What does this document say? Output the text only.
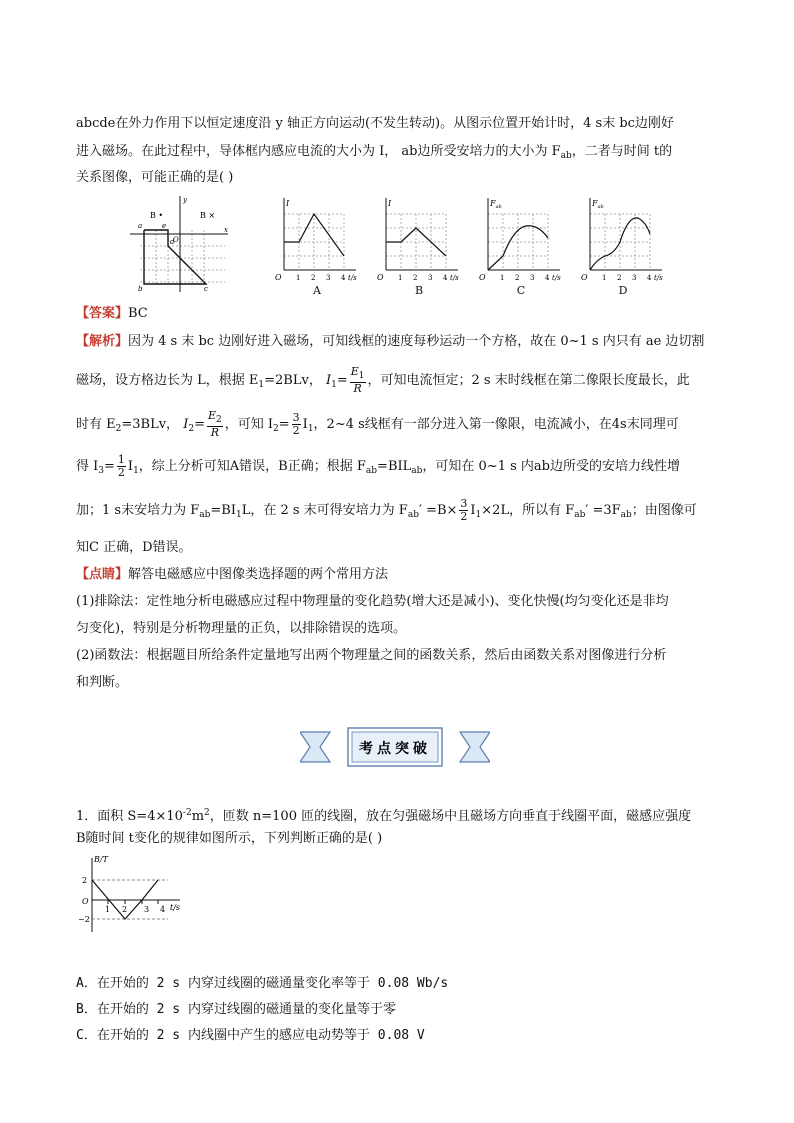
abcde在外力作用下以恒定速度沿 y 轴正方向运动(不发生转动)。从图示位置开始计时，4 s末 bc边刚好
进入磁场。在此过程中，导体框内感应电流的大小为 I， ab边所受安培力的大小为 $F_{ab}$，二者与时间 t的
关系图像，可能正确的是( )
B •	B ×
a
b	c
d
e
O
x
y	I
O 1 2 3 4 t/s
A
I
O 1 2 3 4 t/s
B
$F_{ab}$
O 1 2 3 4 t/s
C
$F_{ab}$
O 1 2 3 4 t/s
D
【答案】BC
【解析】因为 4 s 末 bc 边刚好进入磁场，可知线框的速度每秒运动一个方格，故在 0~1 s 内只有 ae 边切割
磁场，设方格边长为 L，根据 $E_1=2BLv$， $I_1= \frac{E_1}{R}$ ，可知电流恒定；2 s 末时线框在第二像限长度最长，此
时有 $E_2=3BLv$， $I_2= \frac{E_2}{R}$ ，可知 $I_2= \frac{3}{2} I_1$，2~4 s线框有一部分进入第一像限，电流减小，在4s末同理可
得 $I_3= \frac{1}{2} I_1$，综上分析可知A错误，B正确；根据 $F_{ab}=BIL_{ab}$，可知在 0~1 s 内ab边所受的安培力线性增
加；1 s末安培力为 $F_{ab}=BI_1L$，在 2 s 末可得安培力为 $F_{ab}' =B\times \frac{3}{2} I_1\times 2L$，所以有 $F_{ab}' =3F_{ab}$；由图像可
知C 正确，D错误。
【点睛】解答电磁感应中图像类选择题的两个常用方法
(1)排除法：定性地分析电磁感应过程中物理量的变化趋势(增大还是减小)、变化快慢(均匀变化还是非均
匀变化)，特别是分析物理量的正负，以排除错误的选项。
(2)函数法：根据题目所给条件定量地写出两个物理量之间的函数关系，然后由函数关系对图像进行分析
和判断。
考点突破
1．面积 $S=4\times 10^{-2}m^2$，匝数 n=100 匝的线圈，放在匀强磁场中且磁场方向垂直于线圈平面，磁感应强度
B随时间 t变化的规律如图所示，下列判断正确的是( )
B/T
t/s
2
O
−2
1 2 3 4
A．在开始的 2 s 内穿过线圈的磁通量变化率等于 0.08 Wb/s
B．在开始的 2 s 内穿过线圈的磁通量的变化量等于零
C．在开始的 2 s 内线圈中产生的感应电动势等于 0.08 V
